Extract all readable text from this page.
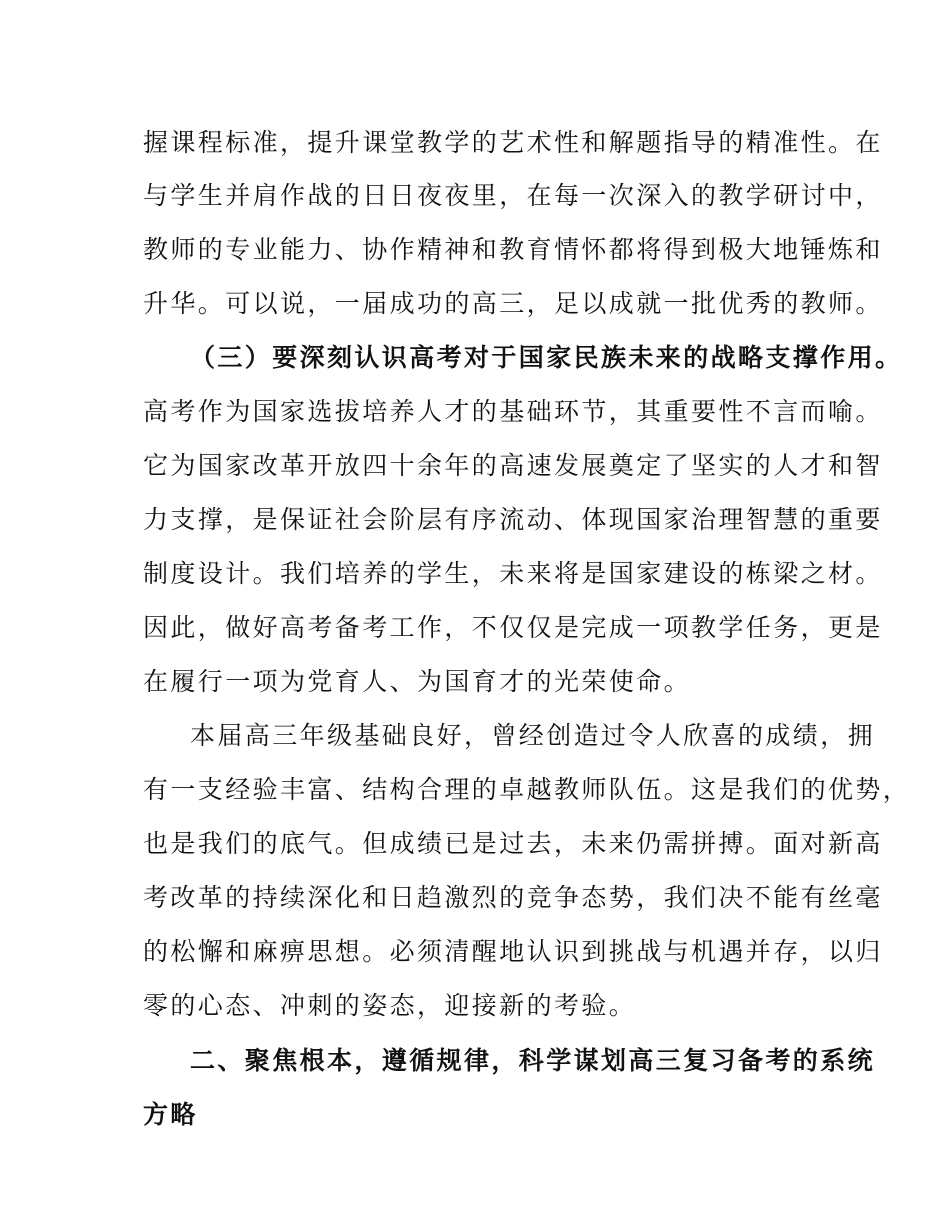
握课程标准，提升课堂教学的艺术性和解题指导的精准性。在
与学生并肩作战的日日夜夜里，在每一次深入的教学研讨中，
教师的专业能力、协作精神和教育情怀都将得到极大地锤炼和
升华。可以说，一届成功的高三，足以成就一批优秀的教师。
（三）要深刻认识高考对于国家民族未来的战略支撑作用。
高考作为国家选拔培养人才的基础环节，其重要性不言而喻。
它为国家改革开放四十余年的高速发展奠定了坚实的人才和智
力支撑，是保证社会阶层有序流动、体现国家治理智慧的重要
制度设计。我们培养的学生，未来将是国家建设的栋梁之材。
因此，做好高考备考工作，不仅仅是完成一项教学任务，更是
在履行一项为党育人、为国育才的光荣使命。
本届高三年级基础良好，曾经创造过令人欣喜的成绩，拥
有一支经验丰富、结构合理的卓越教师队伍。这是我们的优势，
也是我们的底气。但成绩已是过去，未来仍需拼搏。面对新高
考改革的持续深化和日趋激烈的竞争态势，我们决不能有丝毫
的松懈和麻痹思想。必须清醒地认识到挑战与机遇并存，以归
零的心态、冲刺的姿态，迎接新的考验。
二、聚焦根本，遵循规律，科学谋划高三复习备考的系统
方略
